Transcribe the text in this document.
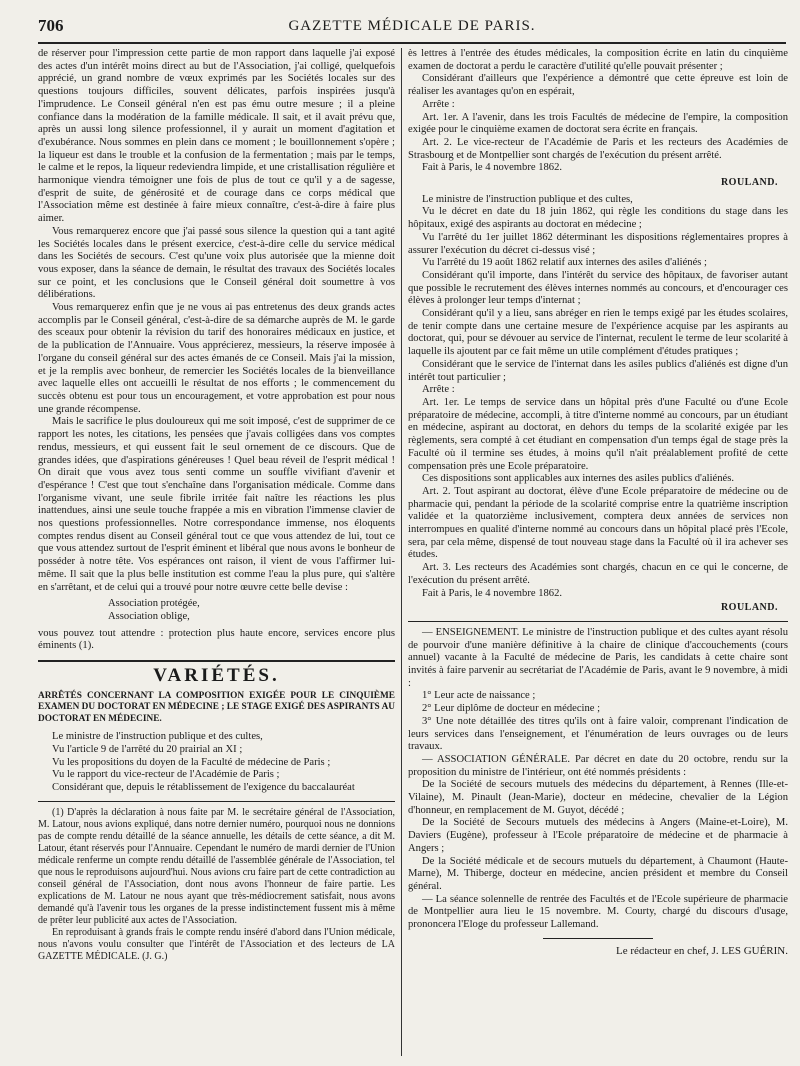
706	GAZETTE MÉDICALE DE PARIS.

de réserver pour l'impression cette partie de mon rapport dans laquelle j'ai exposé des actes d'un intérêt moins direct au but de l'Association, j'ai colligé, quelquefois apprécié, un grand nombre de vœux exprimés par les Sociétés locales sur des questions toujours difficiles, souvent délicates, parfois inspirées jusqu'à l'imprudence. Le Conseil général n'en est pas ému outre mesure ; il a pleine confiance dans la modération de la famille médicale. Il sait, et il avait prévu que, après un aussi long silence professionnel, il y aurait un moment d'agitation et d'exubérance. Nous sommes en plein dans ce moment ; le bouillonnement s'opère ; la liqueur est dans le trouble et la confusion de la fermentation ; mais par le temps, le calme et le repos, la liqueur redeviendra limpide, et une cristallisation régulière et harmonique viendra témoigner une fois de plus de tout ce qu'il y a de sagesse, d'esprit de suite, de générosité et de courage dans ce corps médical que l'Association même est destinée à faire mieux connaître, c'est-à-dire à faire plus aimer.

Vous remarquerez encore que j'ai passé sous silence la question qui a tant agité les Sociétés locales dans le présent exercice, c'est-à-dire celle du service médical dans les Sociétés de secours. C'est qu'une voix plus autorisée que la mienne doit vous exposer, dans la séance de demain, le résultat des travaux des Sociétés locales sur ce point, et les conclusions que le Conseil général doit soumettre à vos délibérations.

Vous remarquerez enfin que je ne vous ai pas entretenus des deux grands actes accomplis par le Conseil général, c'est-à-dire de sa démarche auprès de M. le garde des sceaux pour obtenir la révision du tarif des honoraires médicaux en justice, et de la publication de l'Annuaire. Vous apprécierez, messieurs, la réserve imposée à l'organe du conseil général sur des actes émanés de ce Conseil. Mais j'ai la mission, et je la remplis avec bonheur, de remercier les Sociétés locales de la bienveillance avec laquelle elles ont accueilli le résultat de nos efforts ; le commencement du succès obtenu est pour tous un encouragement, et votre approbation est pour nous une grande récompense.

Mais le sacrifice le plus douloureux qui me soit imposé, c'est de supprimer de ce rapport les notes, les citations, les pensées que j'avais colligées dans vos comptes rendus, messieurs, et qui eussent fait le seul ornement de ce discours. Que de grandes idées, que d'aspirations généreuses ! Quel beau réveil de l'esprit médical ! On dirait que vous avez tous senti comme un souffle vivifiant d'avenir et d'espérance ! C'est que tout s'enchaîne dans l'organisation médicale. Comme dans l'organisme vivant, une seule fibrile irritée fait naître les réactions les plus inattendues, ainsi une seule touche frappée a mis en vibration l'immense clavier de nos questions professionnelles. Notre correspondance immense, nos éloquents comptes rendus disent au Conseil général tout ce que vous attendez de lui, tout ce que vous attendez surtout de l'esprit éminent et libéral que nous avons le bonheur de posséder à notre tête. Vos espérances ont raison, il vient de vous l'affirmer lui-même. Il sait que la plus belle institution est comme l'eau la plus pure, qui s'altère en s'arrêtant, et de celui qui a trouvé pour notre œuvre cette belle devise :

Association protégée,
Association oblige,

vous pouvez tout attendre : protection plus haute encore, services encore plus éminents (1).

VARIÉTÉS.

ARRÊTÉS CONCERNANT LA COMPOSITION EXIGÉE POUR LE CINQUIÈME EXAMEN DU DOCTORAT EN MÉDECINE ; LE STAGE EXIGÉ DES ASPIRANTS AU DOCTORAT EN MÉDECINE.

Le ministre de l'instruction publique et des cultes,

Vu l'article 9 de l'arrêté du 20 prairial an XI ;

Vu les propositions du doyen de la Faculté de médecine de Paris ;

Vu le rapport du vice-recteur de l'Académie de Paris ;

Considérant que, depuis le rétablissement de l'exigence du baccalauréat

(1) D'après la déclaration à nous faite par M. le secrétaire général de l'Association, M. Latour, nous avions expliqué, dans notre dernier numéro, pourquoi nous ne donnions pas de compte rendu détaillé de la séance annuelle, les détails de cette séance, a dit M. Latour, étant réservés pour l'Annuaire. Cependant le numéro de mardi dernier de l'Union médicale renferme un compte rendu détaillé de l'assemblée générale de l'Association, tel que nous le reproduisons aujourd'hui. Nous avions cru faire part de cette contradiction au conseil général de l'Association, dont nous avons l'honneur de faire partie. Les explications de M. Latour ne nous ayant que très-médiocrement satisfait, nous avons demandé qu'à l'avenir tous les organes de la presse indistinctement fussent mis à même de prêter leur publicité aux actes de l'Association.

En reproduisant à grands frais le compte rendu inséré d'abord dans l'Union médicale, nous n'avons voulu consulter que l'intérêt de l'Association et des lecteurs de LA GAZETTE MÉDICALE. (J. G.)

ès lettres à l'entrée des études médicales, la composition écrite en latin du cinquième examen de doctorat a perdu le caractère d'utilité qu'elle pouvait présenter ;

Considérant d'ailleurs que l'expérience a démontré que cette épreuve est loin de réaliser les avantages qu'on en espérait,

Arrête :

Art. 1er. A l'avenir, dans les trois Facultés de médecine de l'empire, la composition exigée pour le cinquième examen de doctorat sera écrite en français.

Art. 2. Le vice-recteur de l'Académie de Paris et les recteurs des Académies de Strasbourg et de Montpellier sont chargés de l'exécution du présent arrêté.

Fait à Paris, le 4 novembre 1862.

ROULAND.

Le ministre de l'instruction publique et des cultes,

Vu le décret en date du 18 juin 1862, qui règle les conditions du stage dans les hôpitaux, exigé des aspirants au doctorat en médecine ;

Vu l'arrêté du 1er juillet 1862 déterminant les dispositions réglementaires propres à assurer l'exécution du décret ci-dessus visé ;

Vu l'arrêté du 19 août 1862 relatif aux internes des asiles d'aliénés ;

Considérant qu'il importe, dans l'intérêt du service des hôpitaux, de favoriser autant que possible le recrutement des élèves internes nommés au concours, et d'encourager ces élèves à prolonger leur temps d'internat ;

Considérant qu'il y a lieu, sans abréger en rien le temps exigé par les études scolaires, de tenir compte dans une certaine mesure de l'expérience acquise par les aspirants au doctorat, qui, pour se dévouer au service de l'internat, reculent le terme de leur scolarité à laquelle ils ajoutent par ce fait même un utile complément d'études pratiques ;

Considérant que le service de l'internat dans les asiles publics d'aliénés est digne d'un intérêt tout particulier ;

Arrête :

Art. 1er. Le temps de service dans un hôpital près d'une Faculté ou d'une Ecole préparatoire de médecine, accompli, à titre d'interne nommé au concours, par un étudiant en médecine, aspirant au doctorat, en dehors du temps de la scolarité exigée par les règlements, sera compté à cet étudiant en compensation d'un temps égal de stage près la Faculté où il termine ses études, à moins qu'il n'ait préalablement profité de cette compensation près une Ecole préparatoire.

Ces dispositions sont applicables aux internes des asiles publics d'aliénés.

Art. 2. Tout aspirant au doctorat, élève d'une Ecole préparatoire de médecine ou de pharmacie qui, pendant la période de la scolarité comprise entre la quatrième inscription validée et la quatorzième inclusivement, comptera deux années de services non interrompues en qualité d'interne nommé au concours dans un hôpital placé près l'Ecole, sera, par cela même, dispensé de tout nouveau stage dans la Faculté où il ira achever ses études.

Art. 3. Les recteurs des Académies sont chargés, chacun en ce qui le concerne, de l'exécution du présent arrêté.

Fait à Paris, le 4 novembre 1862.

ROULAND.

— ENSEIGNEMENT. Le ministre de l'instruction publique et des cultes ayant résolu de pourvoir d'une manière définitive à la chaire de clinique d'accouchements (cours annuel) vacante à la Faculté de médecine de Paris, les candidats à cette chaire sont invités à faire parvenir au secrétariat de l'Académie de Paris, avant le 9 novembre, à midi :

1° Leur acte de naissance ;

2° Leur diplôme de docteur en médecine ;

3° Une note détaillée des titres qu'ils ont à faire valoir, comprenant l'indication de leurs services dans l'enseignement, et l'énumération de leurs ouvrages ou de leurs travaux.

— ASSOCIATION GÉNÉRALE. Par décret en date du 20 octobre, rendu sur la proposition du ministre de l'intérieur, ont été nommés présidents :

De la Société de secours mutuels des médecins du département, à Rennes (Ille-et-Vilaine), M. Pinault (Jean-Marie), docteur en médecine, chevalier de la Légion d'honneur, en remplacement de M. Guyot, décédé ;

De la Société de Secours mutuels des médecins à Angers (Maine-et-Loire), M. Daviers (Eugène), professeur à l'Ecole préparatoire de médecine et de pharmacie à Angers ;

De la Société médicale et de secours mutuels du département, à Chaumont (Haute-Marne), M. Thiberge, docteur en médecine, ancien président et membre du Conseil général.

— La séance solennelle de rentrée des Facultés et de l'Ecole supérieure de pharmacie de Montpellier aura lieu le 15 novembre. M. Courty, chargé du discours d'usage, prononcera l'Eloge du professeur Lallemand.

Le rédacteur en chef, J. LES GUÉRIN.
